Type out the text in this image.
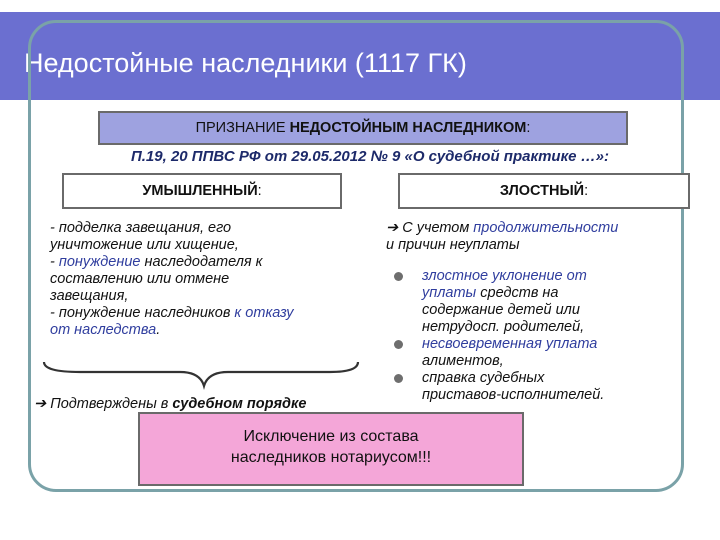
Недостойные наследники (1117 ГК)
ПРИЗНАНИЕ НЕДОСТОЙНЫМ НАСЛЕДНИКОМ:
П.19, 20 ППВС РФ от 29.05.2012 № 9 «О судебной практике …»:
УМЫШЛЕННЫЙ:	ЗЛОСТНЫЙ:
- подделка завещания, его
уничтожение или хищение,
- понуждение наследодателя к
составлению или отмене
завещания,
- понуждение наследников к отказу
от наследства.
➔ Подтверждены в судебном порядке
➔ С учетом продолжительности
и причин неуплаты
злостное уклонение от
уплаты средств на
содержание детей или
нетрудосп. родителей,
несвоевременная уплата
алиментов,
справка судебных
приставов-исполнителей.
Исключение из состава
наследников нотариусом!!!
